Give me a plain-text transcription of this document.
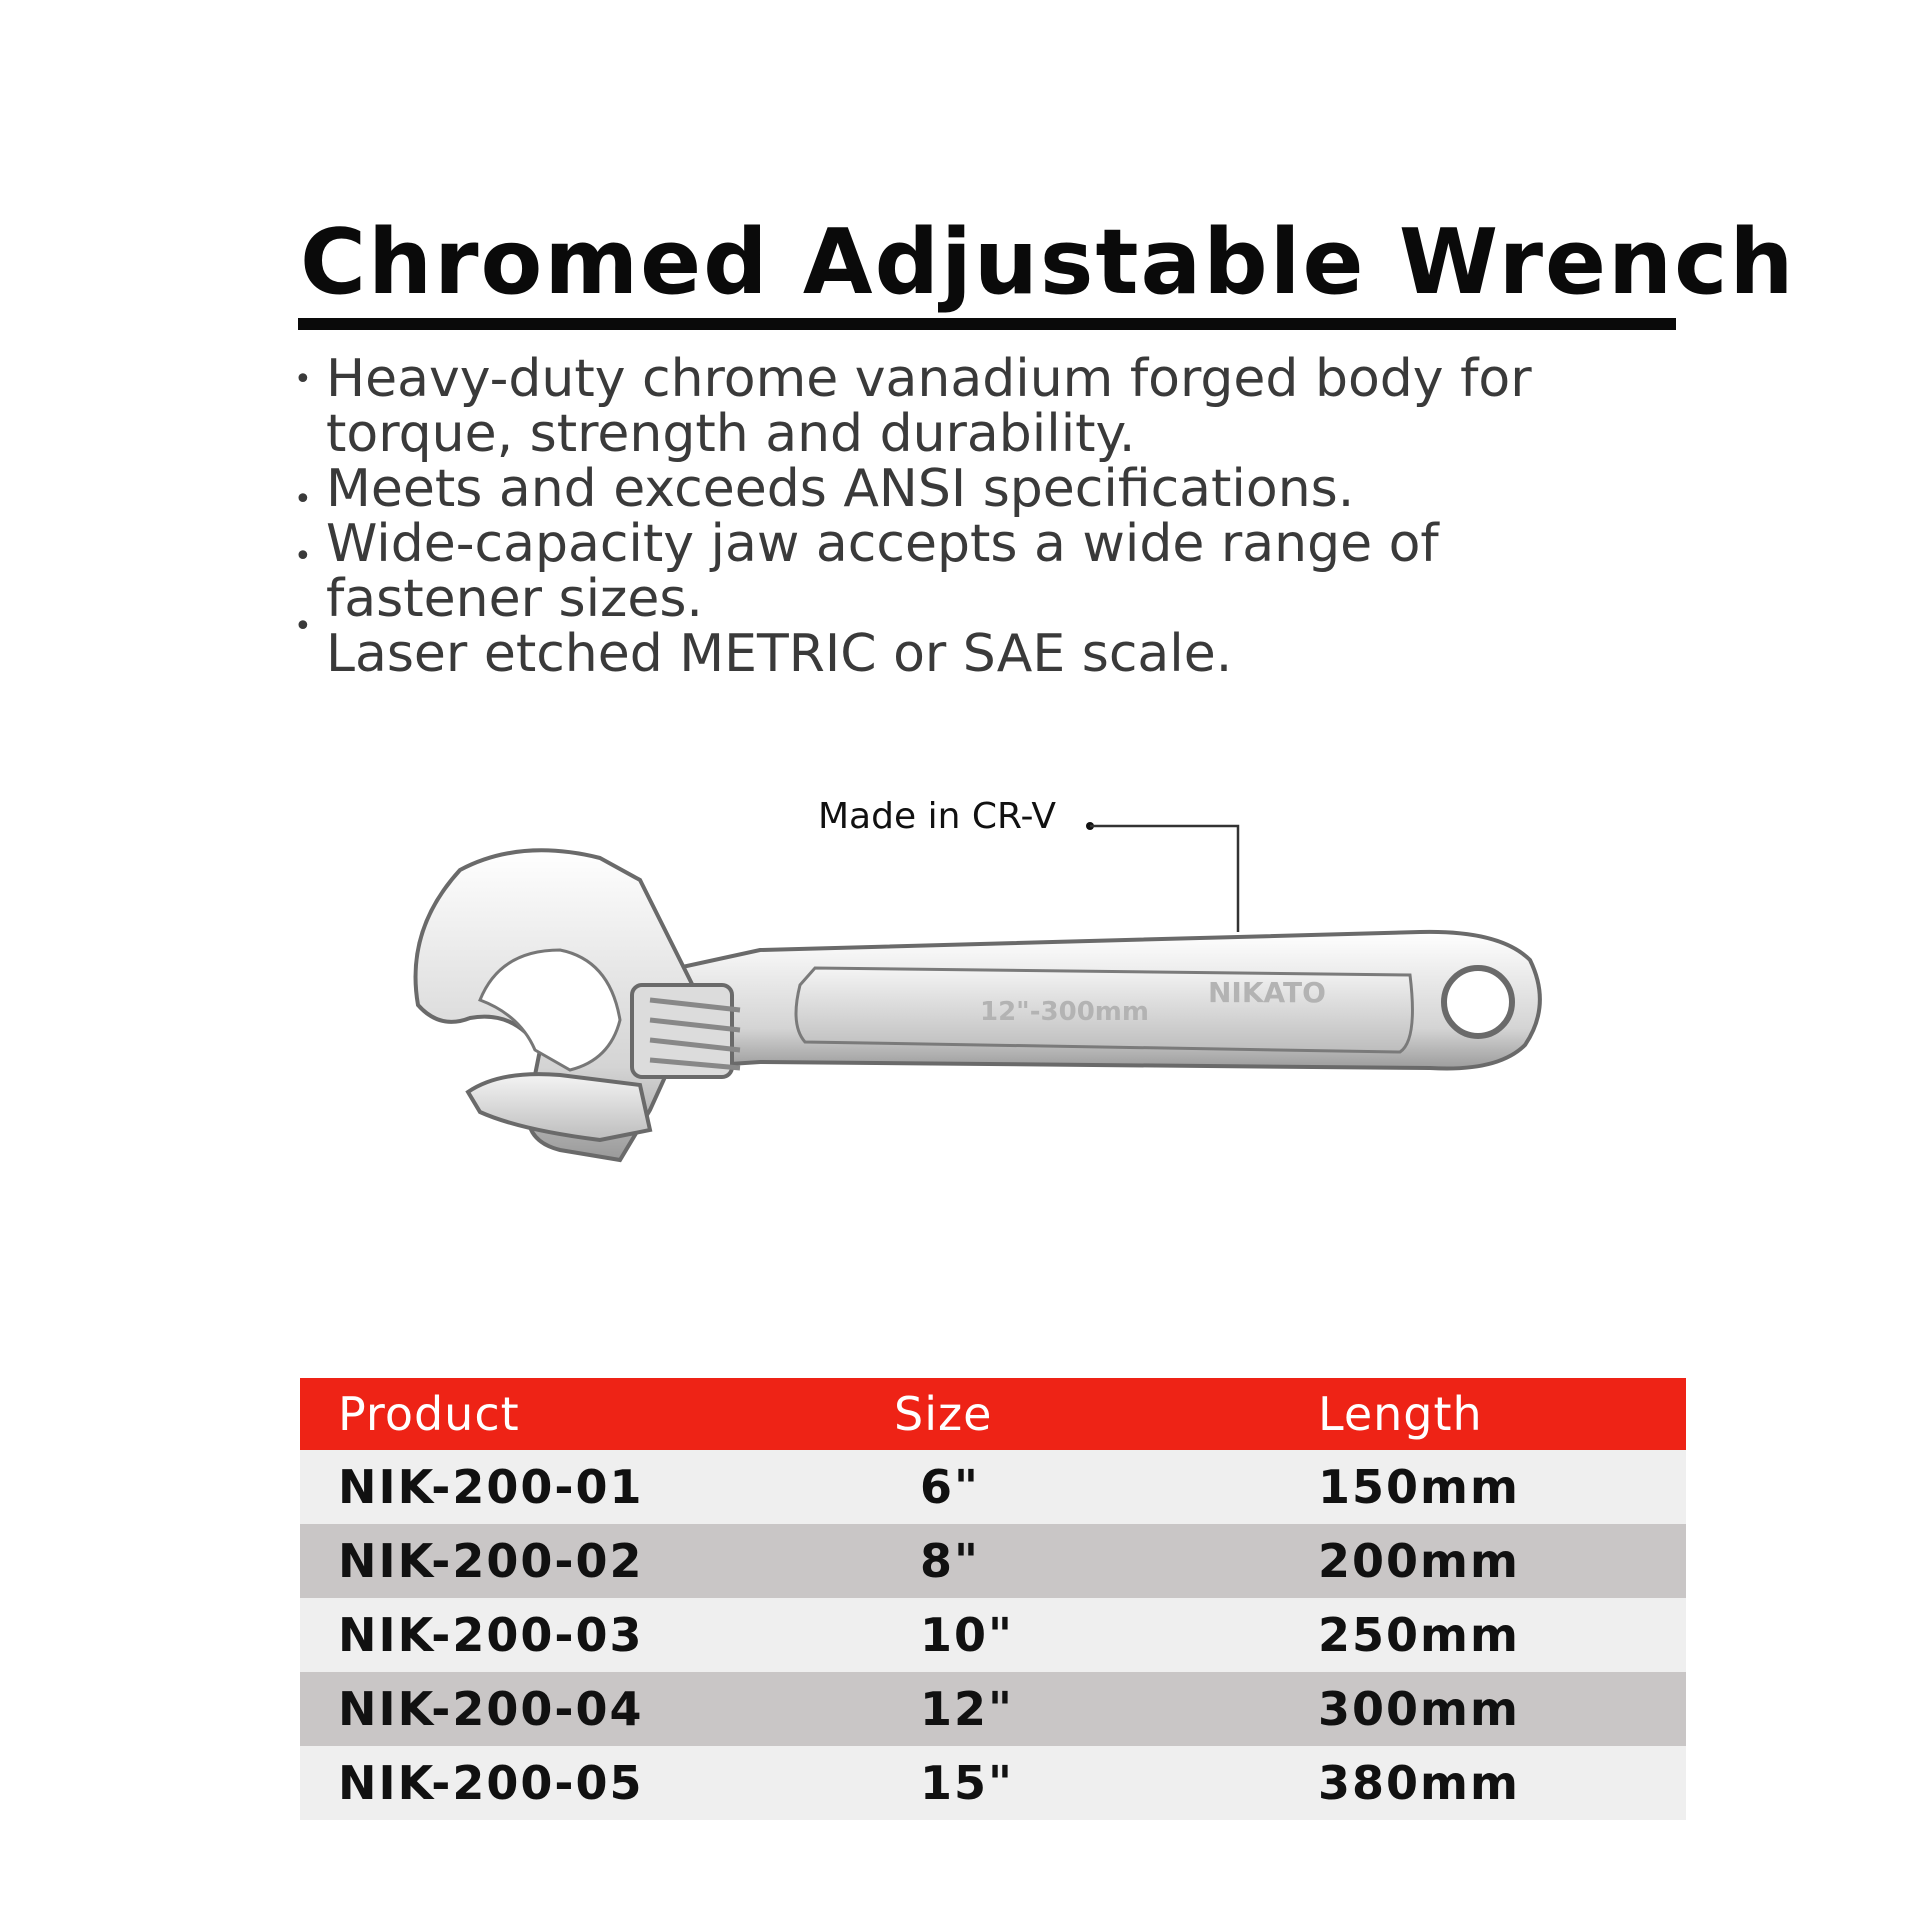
Chromed Adjustable Wrench
• Heavy-duty chrome vanadium forged body for
torque, strength and durability.
• Meets and exceeds ANSI specifications.
• Wide-capacity jaw accepts a wide range of
fastener sizes.
• Laser etched METRIC or SAE scale.
12"-300mm
NIKATO
Made in CR-V
Product	Size	Length
NIK-200-01	6"	150mm
NIK-200-02	8"	200mm
NIK-200-03	10"	250mm
NIK-200-04	12"	300mm
NIK-200-05	15"	380mm
